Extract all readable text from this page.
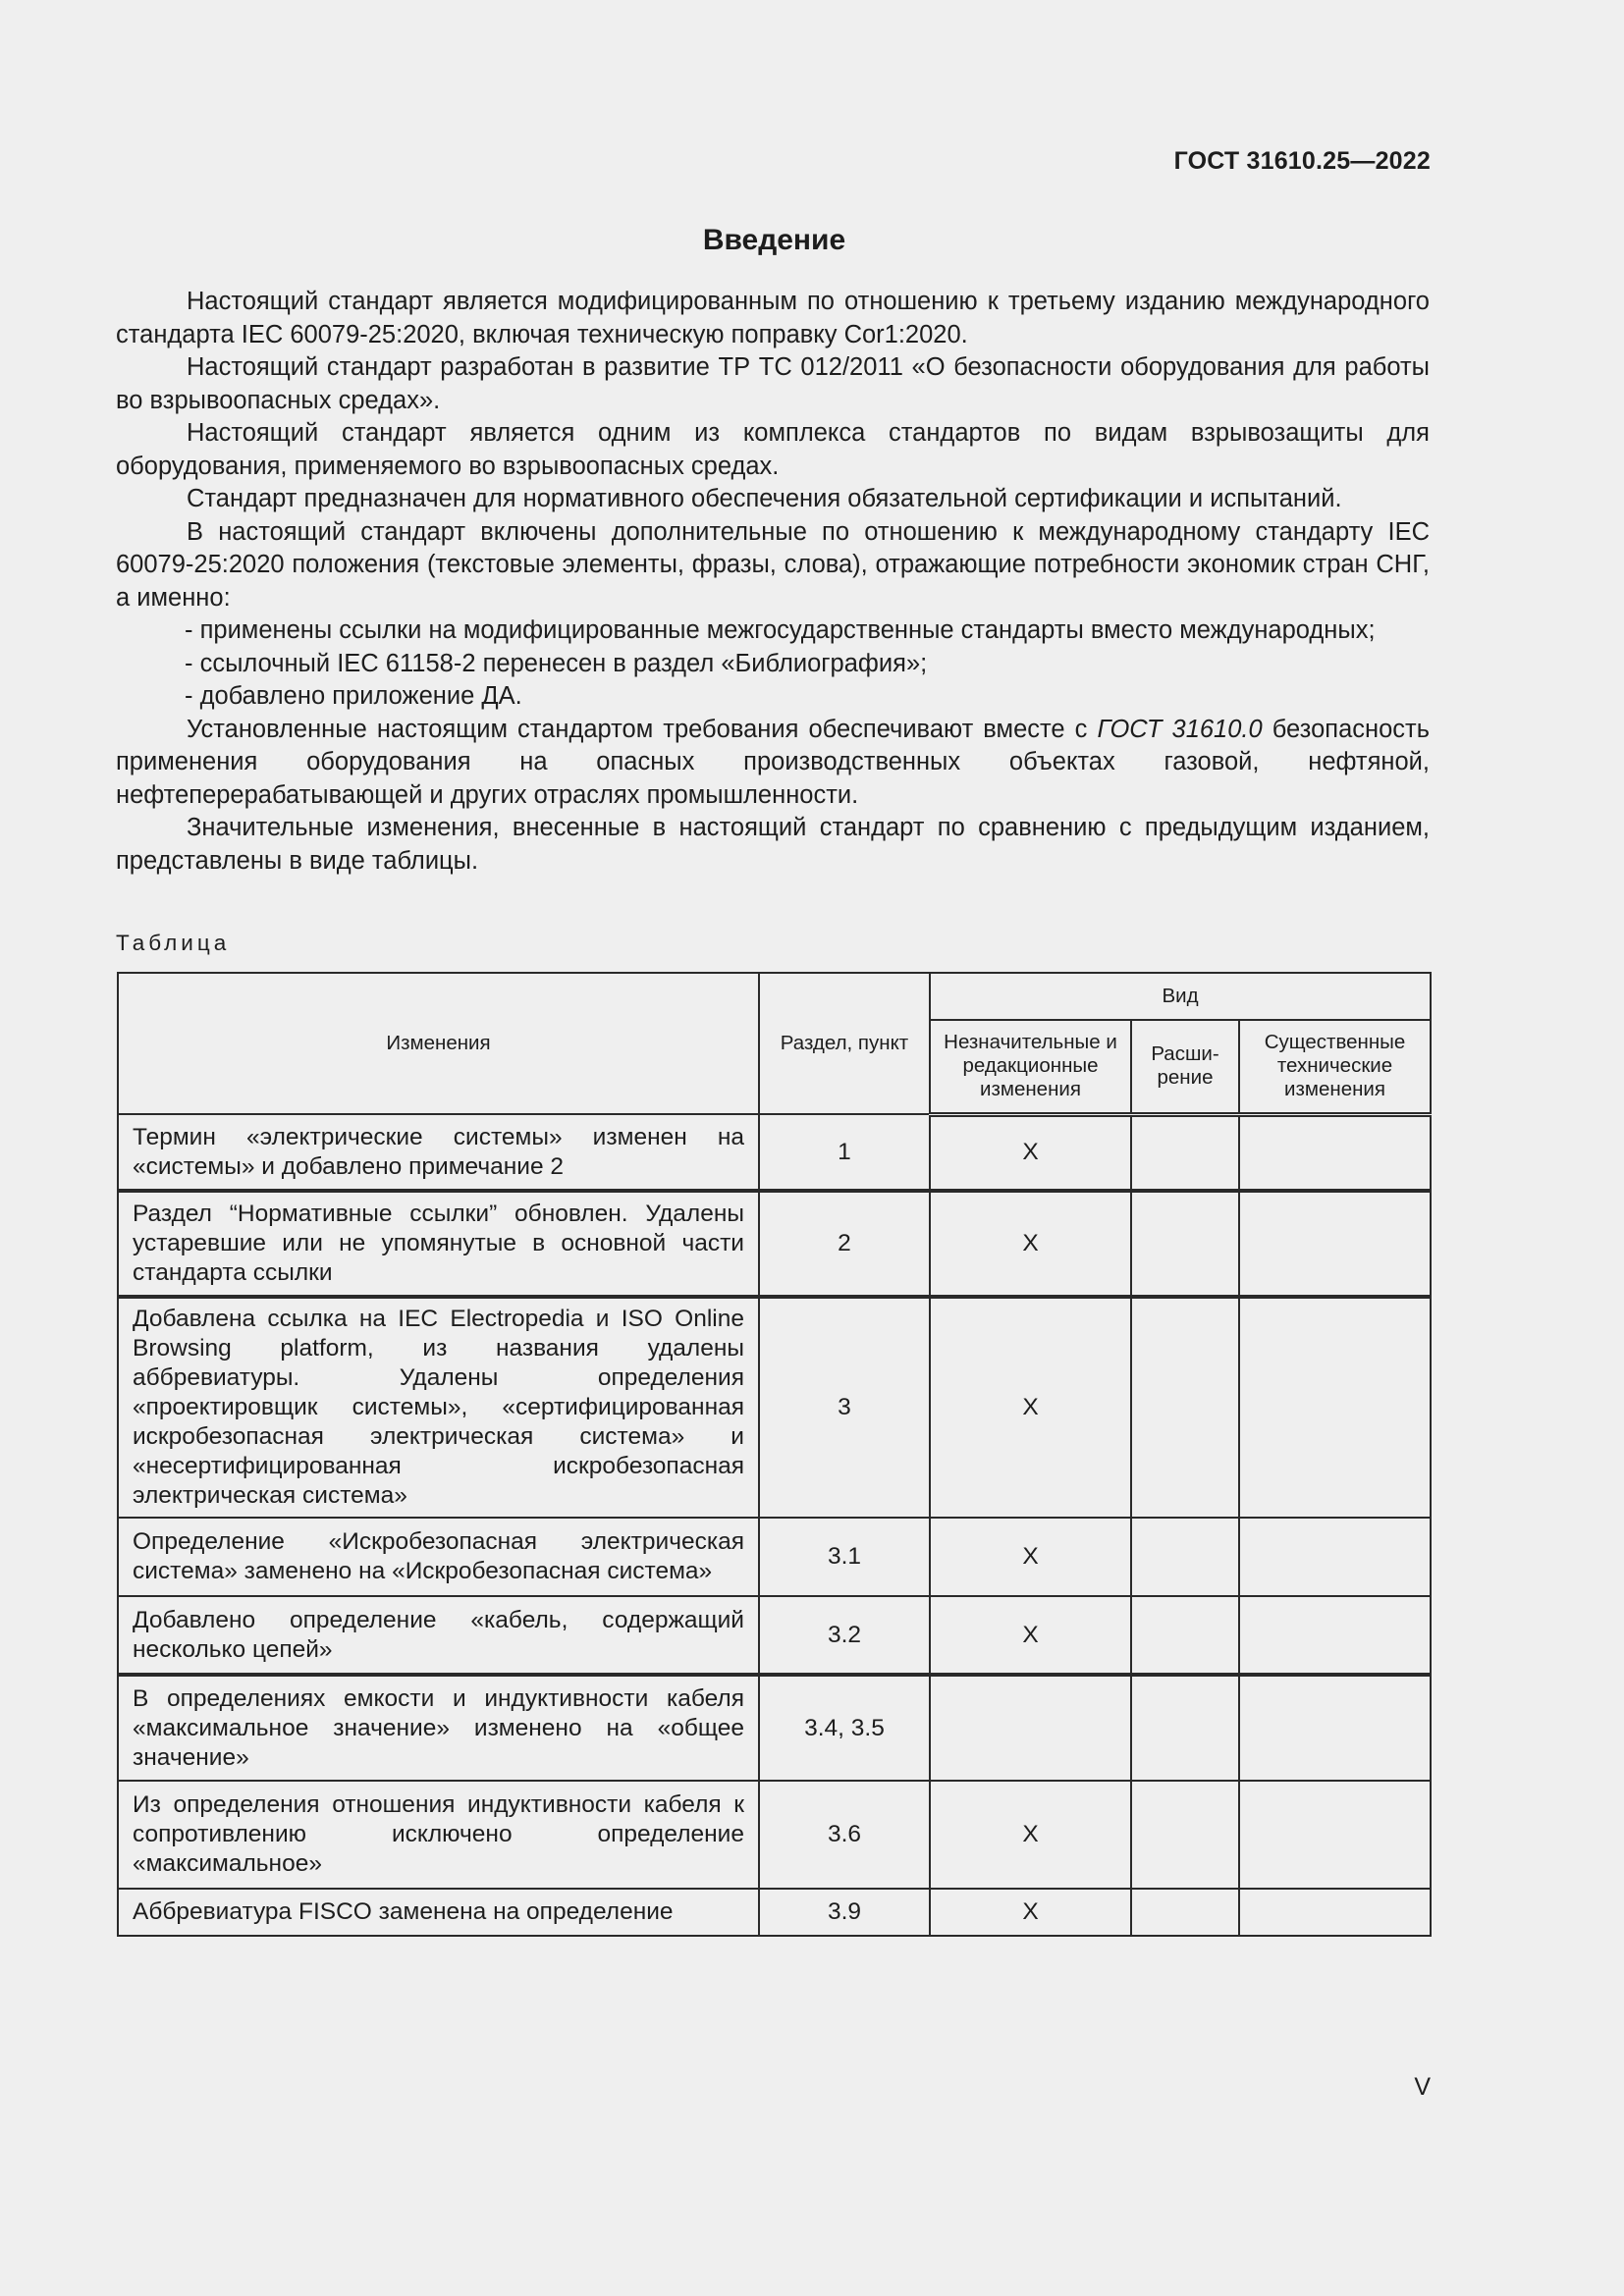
ГОСТ 31610.25—2022
Введение

Настоящий стандарт является модифицированным по отношению к третьему изданию международного стандарта IEC 60079-25:2020, включая техническую поправку Cor1:2020.

Настоящий стандарт разработан в развитие ТР ТС 012/2011 «О безопасности оборудования для работы во взрывоопасных средах».

Настоящий стандарт является одним из комплекса стандартов по видам взрывозащиты для оборудования, применяемого во взрывоопасных средах.

Стандарт предназначен для нормативного обеспечения обязательной сертификации и испытаний.

В настоящий стандарт включены дополнительные по отношению к международному стандарту IEC 60079-25:2020 положения (текстовые элементы, фразы, слова), отражающие потребности экономик стран СНГ, а именно:

- применены ссылки на модифицированные межгосударственные стандарты вместо международных;

- ссылочный IEC 61158-2 перенесен в раздел «Библиография»;

- добавлено приложение ДА.

Установленные настоящим стандартом требования обеспечивают вместе с ГОСТ 31610.0 безопасность применения оборудования на опасных производственных объектах газовой, нефтяной, нефтеперерабатывающей и других отраслях промышленности.

Значительные изменения, внесенные в настоящий стандарт по сравнению с предыдущим изданием, представлены в виде таблицы.

Таблица
Изменения	Раздел, пункт	Вид		
		Незначительные и редакционные изменения	Расши-рение	Существенные технические изменения
Термин «электрические системы» изменен на «системы» и добавлено примечание 2	1	X		
Раздел “Нормативные ссылки” обновлен. Удалены устаревшие или не упомянутые в основной части стандарта ссылки	2	X		
Добавлена ссылка на IEC Electropedia и ISO Online Browsing platform, из названия удалены аббревиатуры. Удалены определения «проектировщик системы», «сертифицированная искробезопасная электрическая система» и «несертифицированная искробезопасная электрическая система»	3	X		
Определение «Искробезопасная электрическая система» заменено на «Искробезопасная система»	3.1	X		
Добавлено определение «кабель, содержащий несколько цепей»	3.2	X		
В определениях емкости и индуктивности кабеля «максимальное значение» изменено на «общее значение»	3.4, 3.5			
Из определения отношения индуктивности кабеля к сопротивлению исключено определение «максимальное»	3.6	X		
Аббревиатура FISCO заменена на определение	3.9	X		
V
